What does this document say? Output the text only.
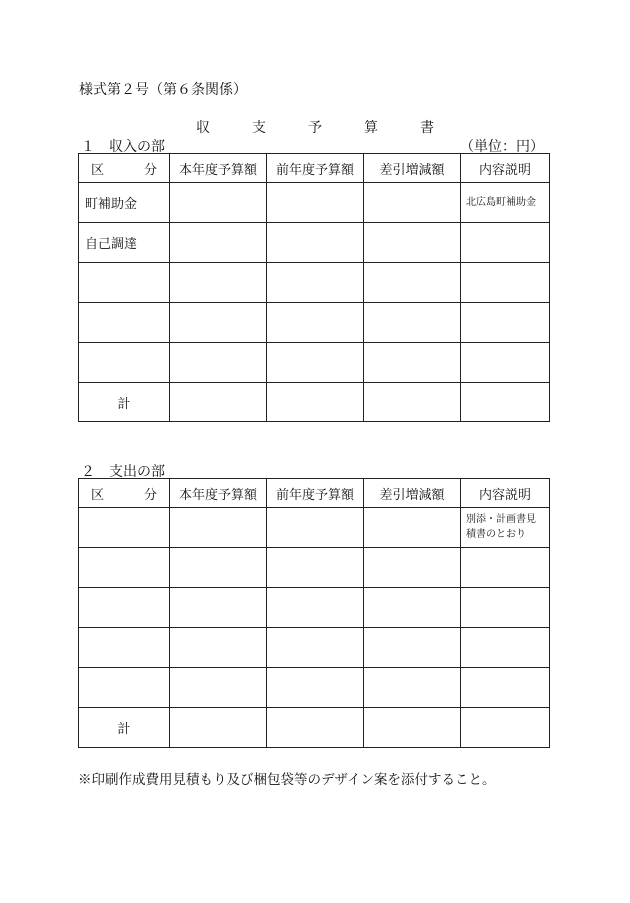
様式第２号（第６条関係）
収　支　予　算　書
１　収入の部	（単位：円）
区 分	本年度予算額	前年度予算額	差引増減額	内容説明
町補助金				北広島町補助金
自己調達				

計				
２　支出の部
区 分	本年度予算額	前年度予算額	差引増減額	内容説明
				別添・計画書見積書のとおり

計				
※印刷作成費用見積もり及び梱包袋等のデザイン案を添付すること。
